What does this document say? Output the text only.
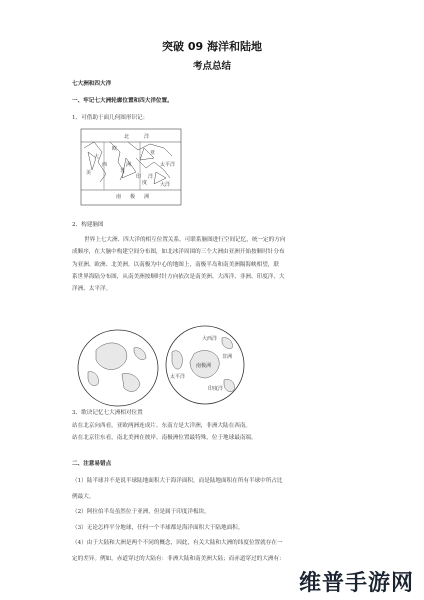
突破 09 海洋和陆地
考点总结
七大洲和四大洋
一、牢记七大洲轮廓位置和四大洋位置。
1、可借助于面几何图形识记：
北	洋
欧
亚
大
西
印
度
洋
美
太平洋
大洋
非
洲
南 极 洲
2、构建脑图
世界上七大洲、四大洋的相互位置关系，可联系脑图进行空间记忆，统一定的方向
成顺序，在大脑中构建空间分布图，如北冰洋周围的三个大洲由亚洲开始按顺时针分布
为亚洲、欧洲、北美洲。以南极为中心的地图上，南极半岛和南美洲隔海峡相望，联
系世界海陆分布图，从南美洲按顺时针方向依次是南美洲、大西洋、非洲、印度洋、大
洋洲、太平洋。
大西洋
非洲
南极洲
太平洋
印度洋
3、歌诀记忆七大洲相对位置
站在北京向西看，亚欧两洲连成片。东南方是大洋洲，非洲大陆在西南。
站在北京往东看，南北美洲在彼岸。南极洲位置最特殊，位于地球最南端。
二、注意易错点
（1）陆半球并不是说半球陆地面积大于海洋面积，而是陆地面积在所有半球中所占比
例最大。
（2）阿拉伯半岛虽然位于亚洲，但是属于印度洋板块。
（3）无论怎样平分地球，任何一个半球都是海洋面积大于陆地面积。
（4）由于大陆和大洲是两个不同的概念，因此，有关大陆和大洲的纬度位置就存在一
定的差异。例如，赤道穿过的大陆有：非洲大陆和南美洲大陆；而赤道穿过的大洲有：
维普手游网
